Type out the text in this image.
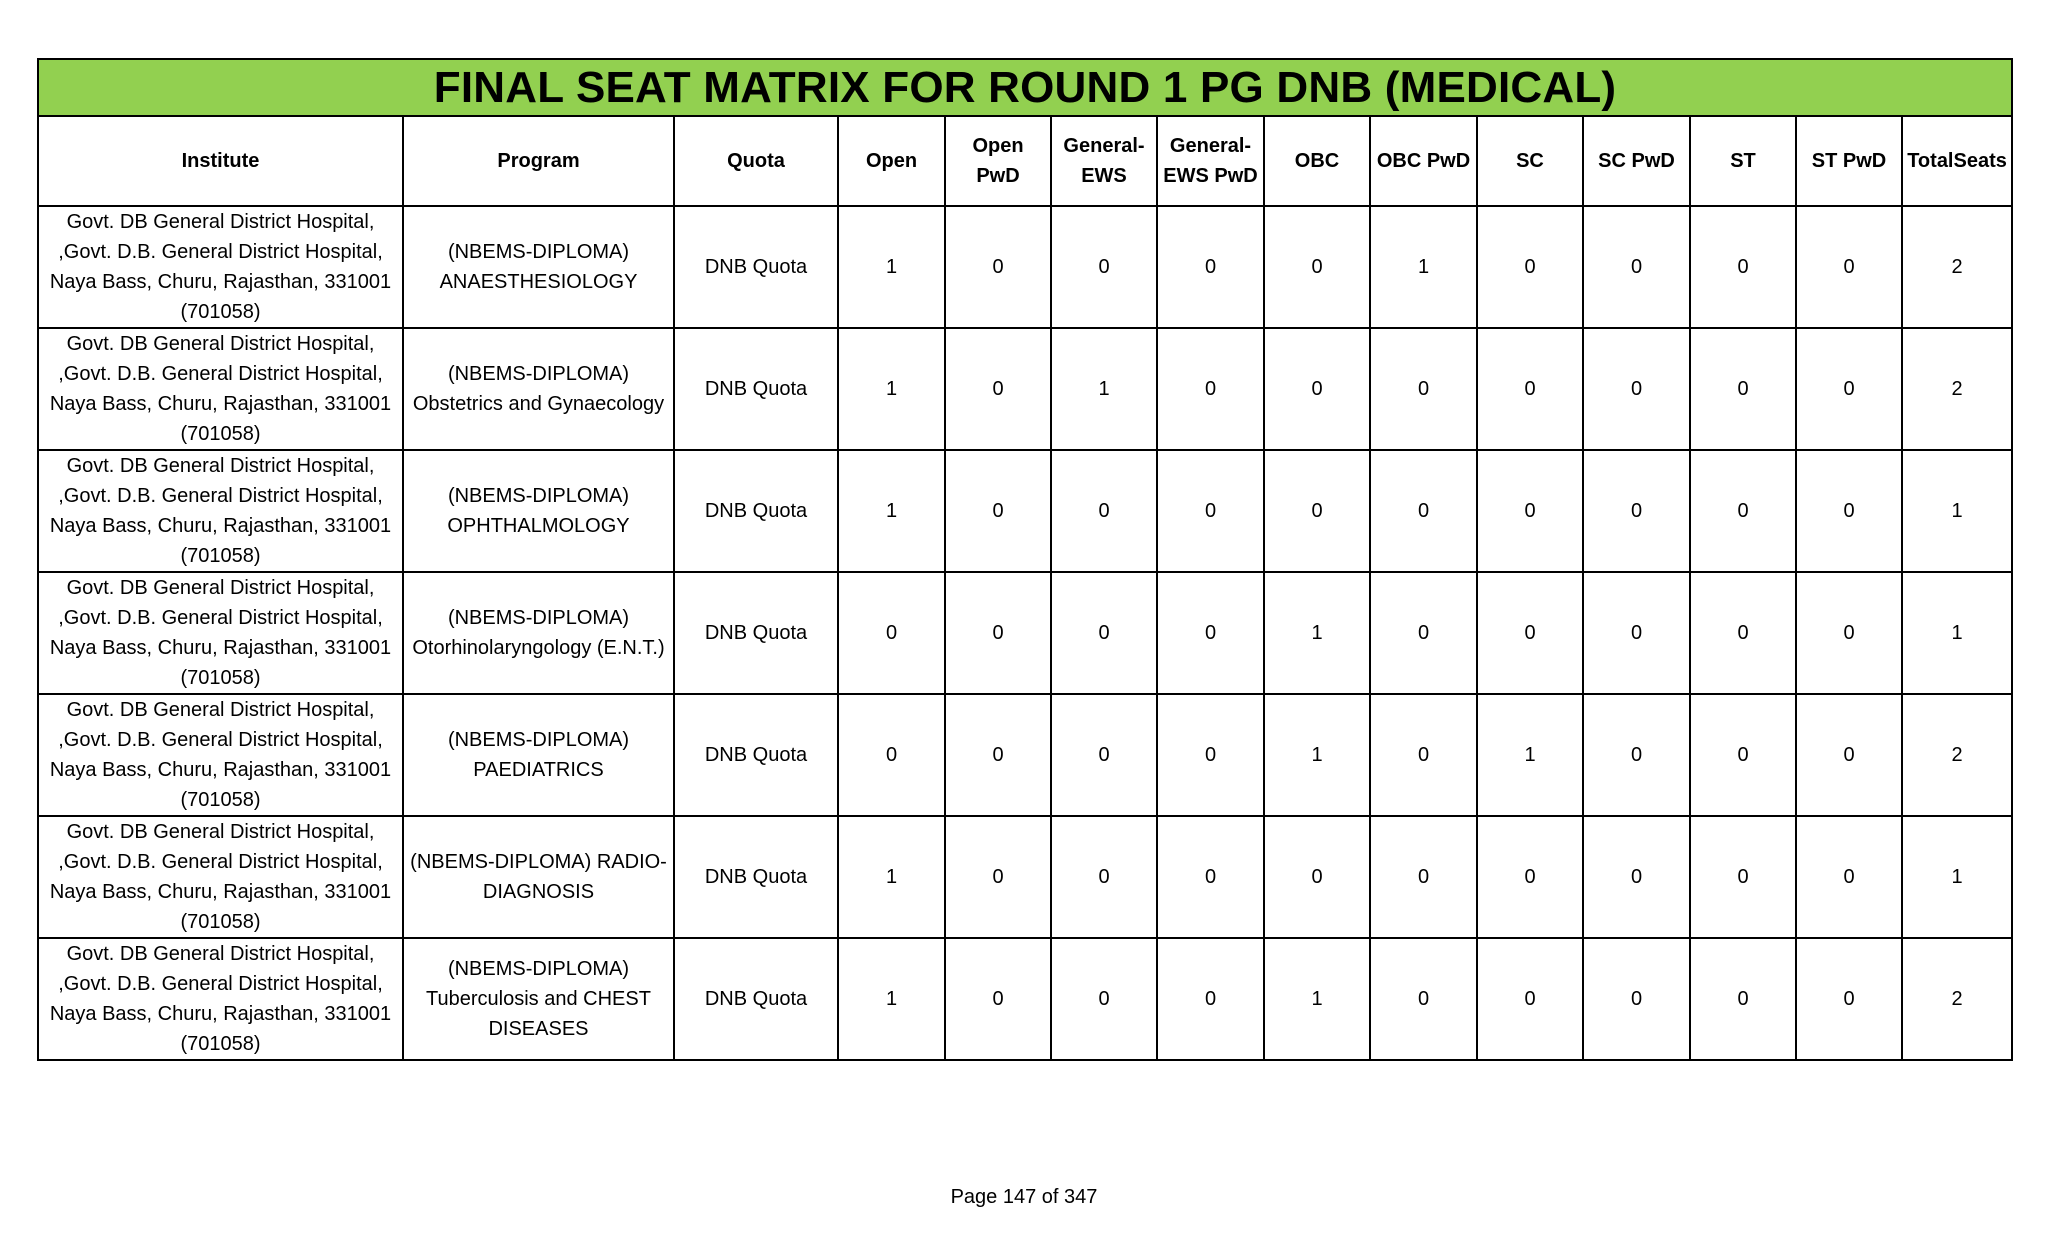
FINAL SEAT MATRIX FOR ROUND 1 PG DNB (MEDICAL)													
Institute	Program	Quota	Open	Open PwD	General-EWS	General-EWS PwD	OBC	OBC PwD	SC	SC PwD	ST	ST PwD	TotalSeats
Govt. DB General District Hospital, ,Govt. D.B. General District Hospital, Naya Bass, Churu, Rajasthan, 331001 (701058)	(NBEMS-DIPLOMA) ANAESTHESIOLOGY	DNB Quota	1	0	0	0	0	1	0	0	0	0	2
Govt. DB General District Hospital, ,Govt. D.B. General District Hospital, Naya Bass, Churu, Rajasthan, 331001 (701058)	(NBEMS-DIPLOMA) Obstetrics and Gynaecology	DNB Quota	1	0	1	0	0	0	0	0	0	0	2
Govt. DB General District Hospital, ,Govt. D.B. General District Hospital, Naya Bass, Churu, Rajasthan, 331001 (701058)	(NBEMS-DIPLOMA) OPHTHALMOLOGY	DNB Quota	1	0	0	0	0	0	0	0	0	0	1
Govt. DB General District Hospital, ,Govt. D.B. General District Hospital, Naya Bass, Churu, Rajasthan, 331001 (701058)	(NBEMS-DIPLOMA) Otorhinolaryngology (E.N.T.)	DNB Quota	0	0	0	0	1	0	0	0	0	0	1
Govt. DB General District Hospital, ,Govt. D.B. General District Hospital, Naya Bass, Churu, Rajasthan, 331001 (701058)	(NBEMS-DIPLOMA) PAEDIATRICS	DNB Quota	0	0	0	0	1	0	1	0	0	0	2
Govt. DB General District Hospital, ,Govt. D.B. General District Hospital, Naya Bass, Churu, Rajasthan, 331001 (701058)	(NBEMS-DIPLOMA) RADIO-DIAGNOSIS	DNB Quota	1	0	0	0	0	0	0	0	0	0	1
Govt. DB General District Hospital, ,Govt. D.B. General District Hospital, Naya Bass, Churu, Rajasthan, 331001 (701058)	(NBEMS-DIPLOMA) Tuberculosis and CHEST DISEASES	DNB Quota	1	0	0	0	1	0	0	0	0	0	2
Page 147 of 347
